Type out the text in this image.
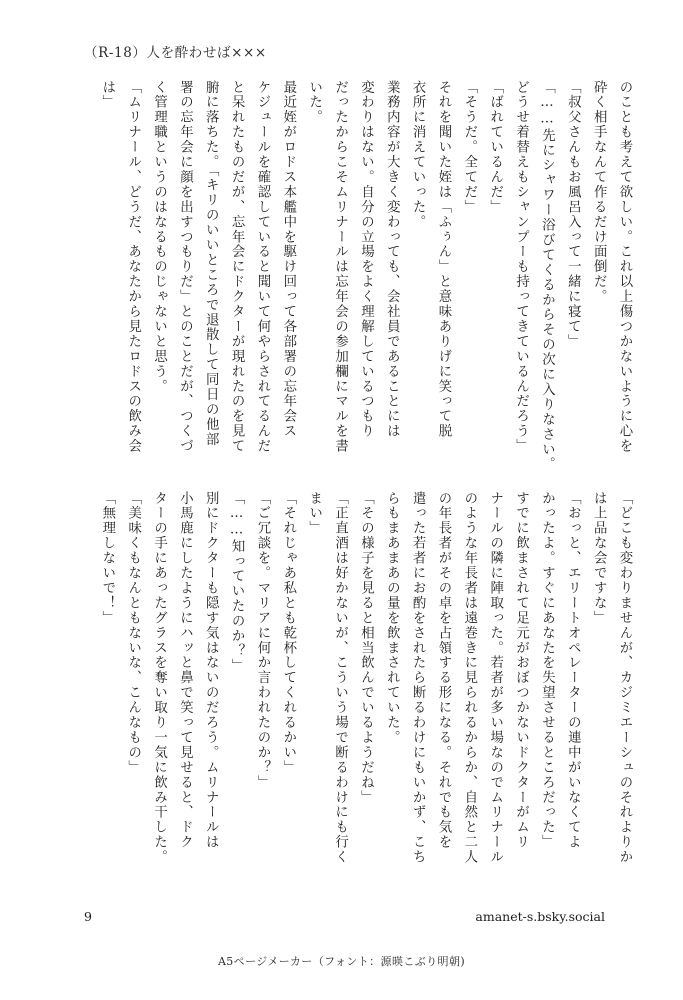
（R-18）人を酔わせば×××
のことも考えて欲しい。これ以上傷つかないように心を
砕く相手なんて作るだけ面倒だ。
「叔父さんもお風呂入って一緒に寝て」
「……先にシャワー浴びてくるからその次に入りなさい。
どうせ着替えもシャンプーも持ってきているんだろう」
「ばれているんだ」
「そうだ。全てだ」
それを聞いた姪は「ふぅん」と意味ありげに笑って脱
衣所に消えていった。
業務内容が大きく変わっても、会社員であることには
変わりはない。自分の立場をよく理解しているつもり
だったからこそムリナールは忘年会の参加欄にマルを書
いた。
最近姪がロドス本艦中を駆け回って各部署の忘年会ス
ケジュールを確認していると聞いて何やらされてるんだ
と呆れたものだが、忘年会にドクターが現れたのを見て
腑に落ちた。「キリのいいところで退散して同日の他部
署の忘年会に顔を出すつもりだ」とのことだが、つくづ
く管理職というのはなるものじゃないと思う。
「ムリナール、どうだ、あなたから見たロドスの飲み会
は」
「どこも変わりませんが、カジミエーシュのそれよりか
は上品な会ですな」
「おっと、エリートオペレーターの連中がいなくてよ
かったよ。すぐにあなたを失望させるところだった」
すでに飲まされて足元がおぼつかないドクターがムリ
ナールの隣に陣取った。若者が多い場なのでムリナール
のような年長者は遠巻きに見られるからか、自然と二人
の年長者がその卓を占領する形になる。それでも気を
遣った若者にお酌をされたら断るわけにもいかず、こち
らもまあまあの量を飲まされていた。
「その様子を見ると相当飲んでいるようだね」
「正直酒は好かないが、こういう場で断るわけにも行く
まい」
「それじゃあ私とも乾杯してくれるかい」
「ご冗談を。マリアに何か言われたのか？」
「……知っていたのか？」
別にドクターも隠す気はないのだろう。ムリナールは
小馬鹿にしたようにハッと鼻で笑って見せると、ドク
ターの手にあったグラスを奪い取り一気に飲み干した。
「美味くもなんともないな、こんなもの」
「無理しないで！」
9	amanet-s.bsky.social
A5ページメーカー（フォント：源暎こぶり明朝)
